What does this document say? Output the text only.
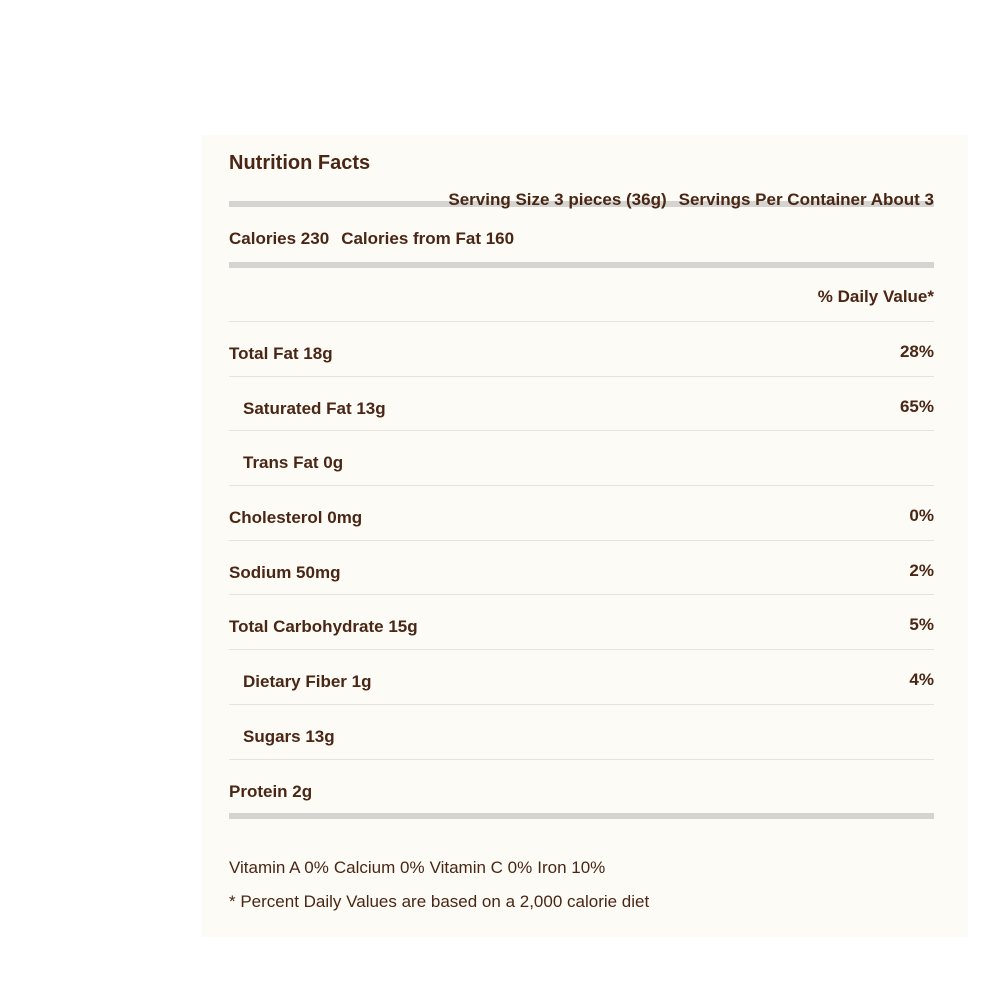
Nutrition Facts
Serving Size 3 pieces (36g) Servings Per Container About 3
Calories 230 Calories from Fat 160
% Daily Value*
Total Fat 18g	28%
Saturated Fat 13g	65%
Trans Fat 0g
Cholesterol 0mg	0%
Sodium 50mg	2%
Total Carbohydrate 15g	5%
Dietary Fiber 1g	4%
Sugars 13g
Protein 2g
Vitamin A 0% Calcium 0% Vitamin C 0% Iron 10%
* Percent Daily Values are based on a 2,000 calorie diet
